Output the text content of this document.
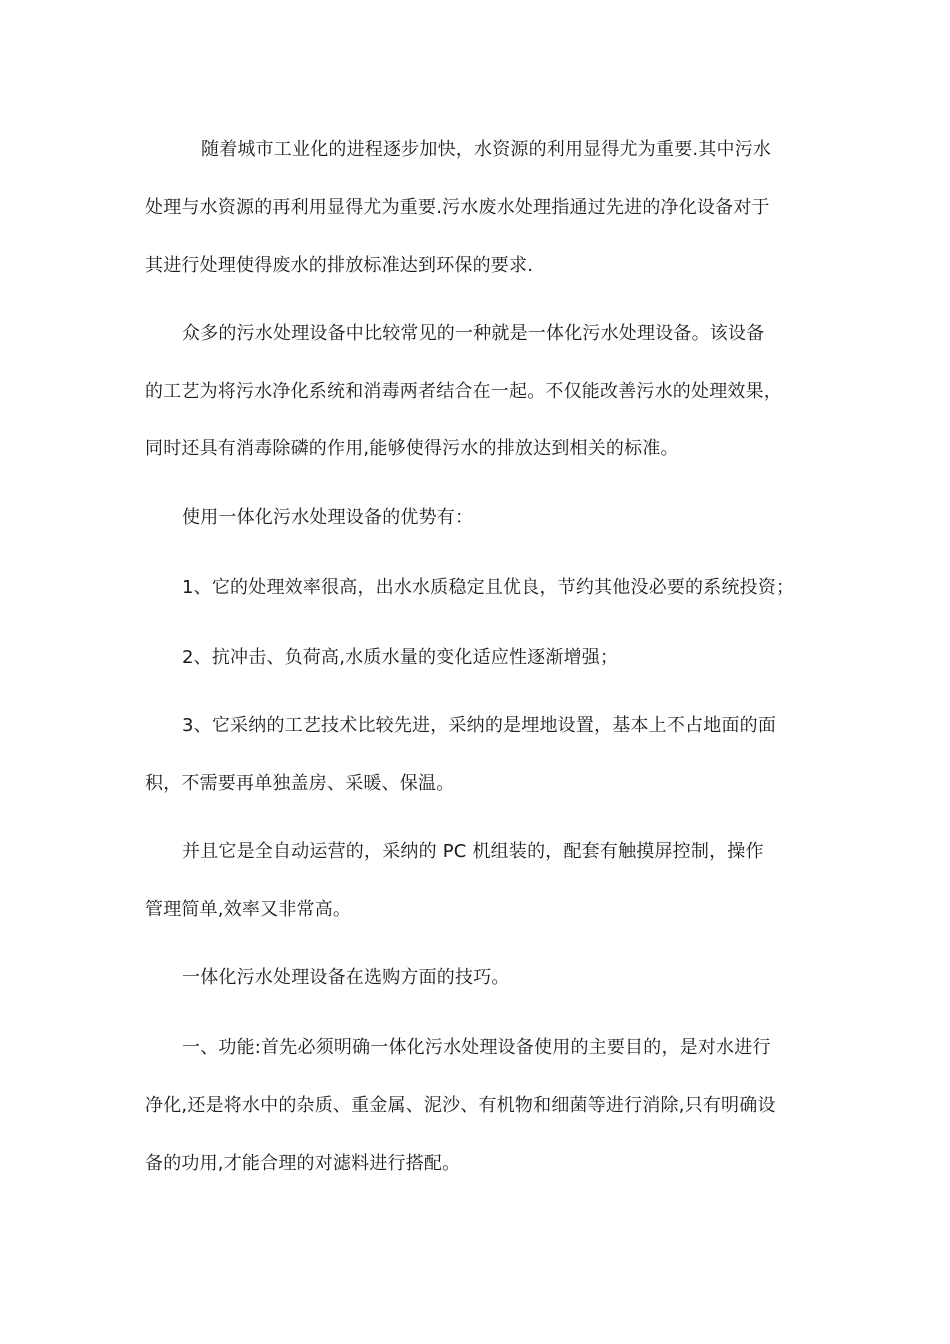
随着城市工业化的进程逐步加快，水资源的利用显得尤为重要.其中污水
处理与水资源的再利用显得尤为重要.污水废水处理指通过先进的净化设备对于
其进行处理使得废水的排放标准达到环保的要求.
众多的污水处理设备中比较常见的一种就是一体化污水处理设备。该设备
的工艺为将污水净化系统和消毒两者结合在一起。不仅能改善污水的处理效果，
同时还具有消毒除磷的作用,能够使得污水的排放达到相关的标准。
使用一体化污水处理设备的优势有：
1、它的处理效率很高，出水水质稳定且优良，节约其他没必要的系统投资；
2、抗冲击、负荷高,水质水量的变化适应性逐渐增强；
3、它采纳的工艺技术比较先进，采纳的是埋地设置，基本上不占地面的面
积，不需要再单独盖房、采暖、保温。
并且它是全自动运营的，采纳的 PC 机组装的，配套有触摸屏控制，操作
管理简单,效率又非常高。
一体化污水处理设备在选购方面的技巧。
一、功能:首先必须明确一体化污水处理设备使用的主要目的，是对水进行
净化,还是将水中的杂质、重金属、泥沙、有机物和细菌等进行消除,只有明确设
备的功用,才能合理的对滤料进行搭配。
